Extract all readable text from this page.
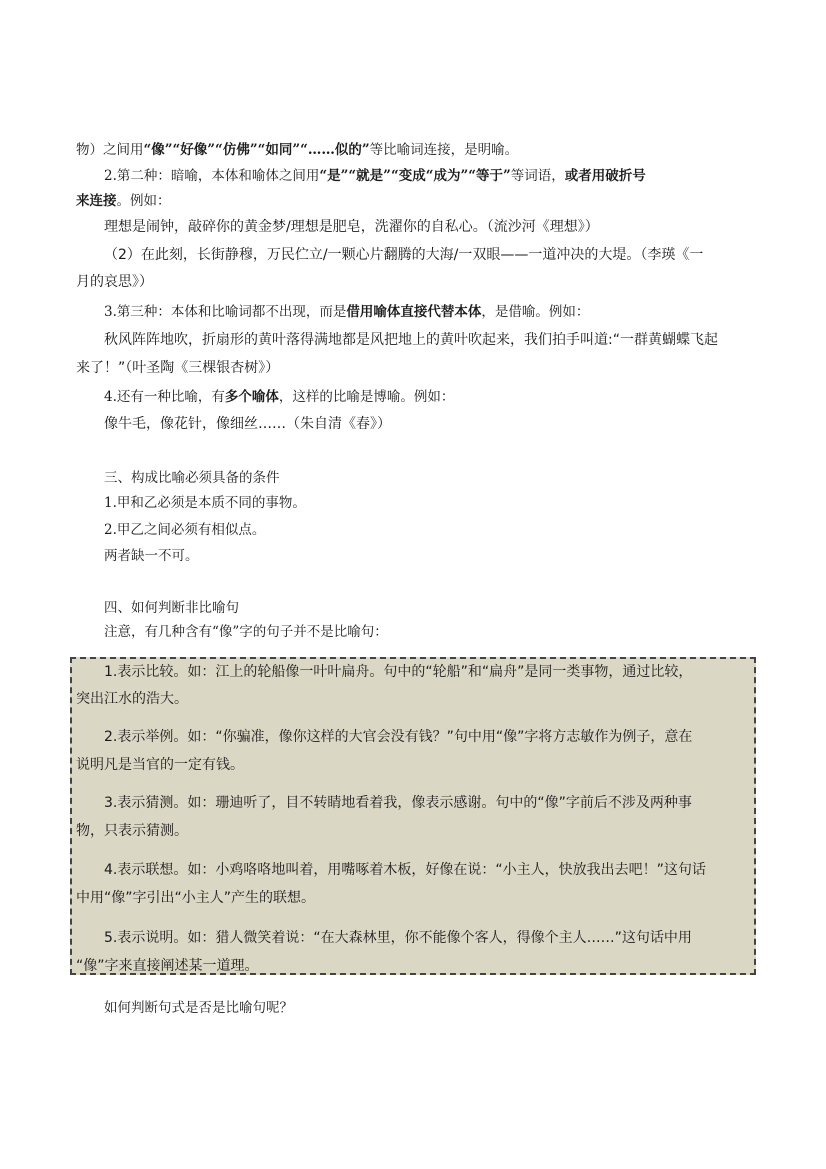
物）之间用“像”“好像”“仿佛”“如同”“……似的”等比喻词连接，是明喻。
2.第二种：暗喻，本体和喻体之间用“是”“就是”“变成“成为”“等于”等词语，或者用破折号
来连接。例如：
理想是闹钟，敲碎你的黄金梦/理想是肥皂，洗濯你的自私心。（流沙河《理想》）
（2）在此刻，长街静穆，万民伫立/一颗心片翻腾的大海/一双眼——一道冲决的大堤。（李瑛《一
月的哀思》）
3.第三种：本体和比喻词都不出现，而是借用喻体直接代替本体，是借喻。例如：
秋风阵阵地吹，折扇形的黄叶落得满地都是风把地上的黄叶吹起来，我们拍手叫道:“一群黄蝴蝶飞起
来了！”（叶圣陶《三棵银杏树》）
4.还有一种比喻，有多个喻体，这样的比喻是博喻。例如：
像牛毛，像花针，像细丝……（朱自清《春》）
三、构成比喻必须具备的条件
1.甲和乙必须是本质不同的事物。
2.甲乙之间必须有相似点。
两者缺一不可。
四、如何判断非比喻句
注意，有几种含有“像”字的句子并不是比喻句：
1.表示比较。如：江上的轮船像一叶叶扁舟。句中的“轮船”和“扁舟”是同一类事物，通过比较，
突出江水的浩大。
2.表示举例。如：“你骗准，像你这样的大官会没有钱？”句中用“像”字将方志敏作为例子，意在
说明凡是当官的一定有钱。
3.表示猜测。如：珊迪听了，目不转睛地看着我，像表示感谢。句中的“像”字前后不涉及两种事
物，只表示猜测。
4.表示联想。如：小鸡咯咯地叫着，用嘴啄着木板，好像在说：“小主人，快放我出去吧！”这句话
中用“像”字引出“小主人”产生的联想。
5.表示说明。如：猎人微笑着说：“在大森林里，你不能像个客人，得像个主人……”这句话中用
“像”字来直接阐述某一道理。
如何判断句式是否是比喻句呢？
